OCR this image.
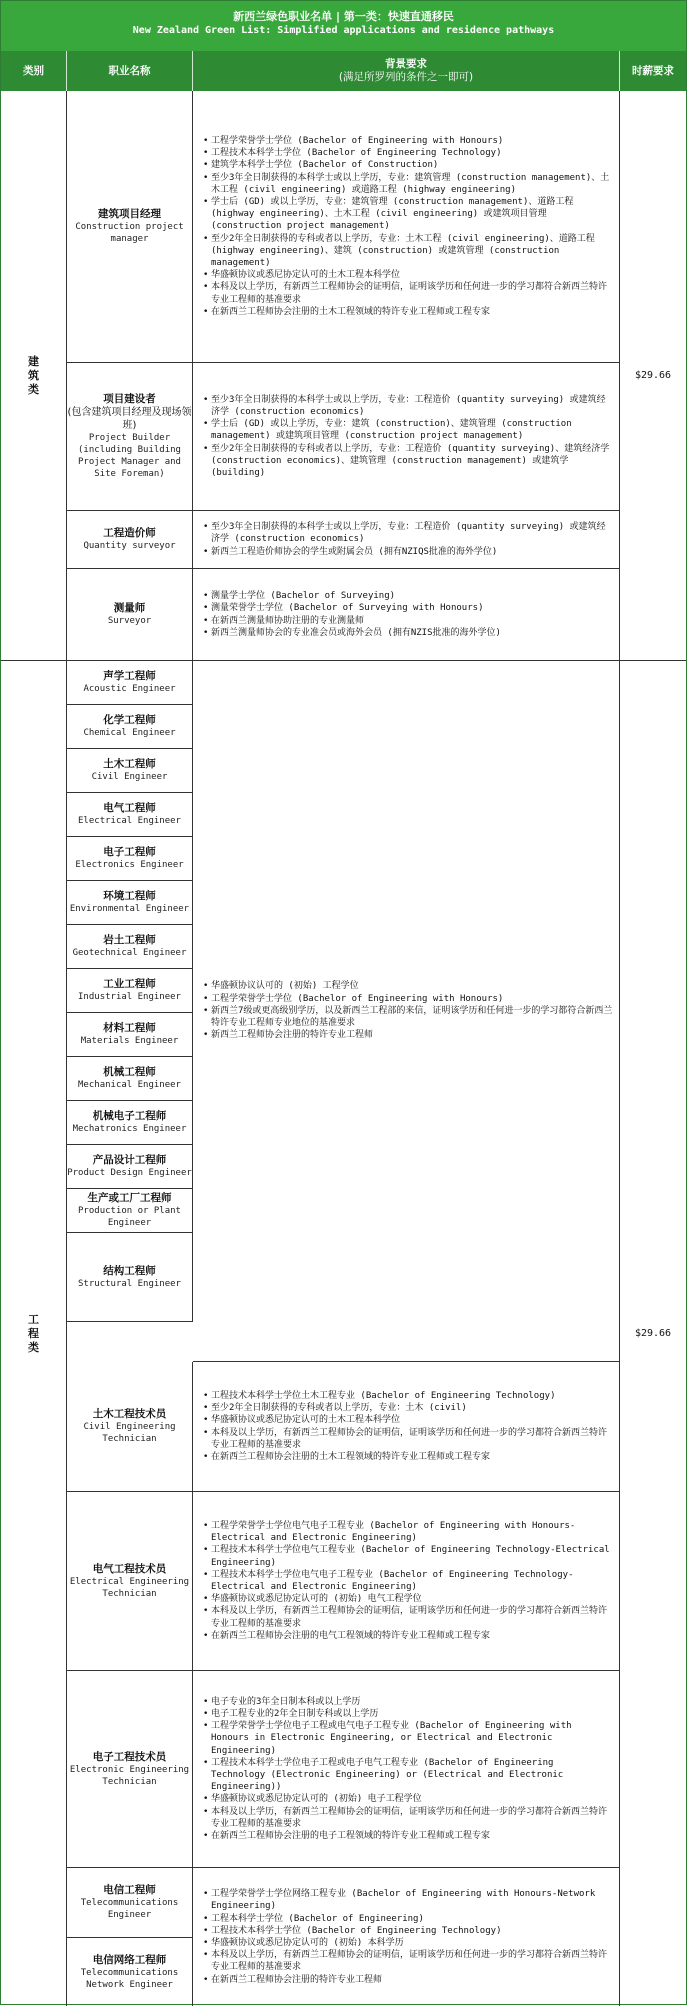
新西兰绿色职业名单 | 第一类：快速直通移民
New Zealand Green List: Simplified applications and residence pathways
类别	职业名称
背景要求
(满足所罗列的条件之一即可)
时薪要求
建筑类
工程类
$29.66
$29.66
建筑项目经理
Construction project manager
项目建设者
(包含建筑项目经理及现场领班)
Project Builder (including Building Project Manager and Site Foreman)
工程造价师
Quantity surveyor
测量师
Surveyor
声学工程师
Acoustic Engineer
化学工程师
Chemical Engineer
土木工程师
Civil Engineer
电气工程师
Electrical Engineer
电子工程师
Electronics Engineer
环境工程师
Environmental Engineer
岩土工程师
Geotechnical Engineer
工业工程师
Industrial Engineer
材料工程师
Materials Engineer
机械工程师
Mechanical Engineer
机械电子工程师
Mechatronics Engineer
产品设计工程师
Product Design Engineer
生产或工厂工程师
Production or Plant Engineer
结构工程师
Structural Engineer
土木工程技术员
Civil Engineering Technician
电气工程技术员
Electrical Engineering Technician
电子工程技术员
Electronic Engineering Technician
电信工程师
Telecommunications Engineer
电信网络工程师
Telecommunications Network Engineer
• 工程学荣誉学士学位 (Bachelor of Engineering with Honours)
• 工程技术本科学士学位 (Bachelor of Engineering Technology)
• 建筑学本科学士学位 (Bachelor of Construction)
• 至少3年全日制获得的本科学士或以上学历，专业：建筑管理 (construction management)、土木工程 (civil engineering) 或道路工程 (highway engineering)
• 学士后 (GD) 或以上学历，专业：建筑管理 (construction management)、道路工程 (highway engineering)、土木工程 (civil engineering) 或建筑项目管理 (construction project management)
• 至少2年全日制获得的专科或者以上学历，专业：土木工程 (civil engineering)、道路工程 (highway engineering)、建筑 (construction) 或建筑管理 (construction management)
• 华盛顿协议或悉尼协定认可的土木工程本科学位
• 本科及以上学历，有新西兰工程师协会的证明信，证明该学历和任何进一步的学习都符合新西兰特许专业工程师的基准要求
• 在新西兰工程师协会注册的土木工程领域的特许专业工程师或工程专家
• 至少3年全日制获得的本科学士或以上学历，专业：工程造价 (quantity surveying) 或建筑经济学 (construction economics)
• 学士后 (GD) 或以上学历，专业：建筑 (construction)、建筑管理 (construction management) 或建筑项目管理 (construction project management)
• 至少2年全日制获得的专科或者以上学历，专业：工程造价 (quantity surveying)、建筑经济学 (construction economics)、建筑管理 (construction management) 或建筑学 (building)
• 至少3年全日制获得的本科学士或以上学历，专业：工程造价 (quantity surveying) 或建筑经济学 (construction economics)
• 新西兰工程造价师协会的学生或附属会员 (拥有NZIQS批准的海外学位)
• 测量学士学位 (Bachelor of Surveying)
• 测量荣誉学士学位 (Bachelor of Surveying with Honours)
• 在新西兰测量师协助注册的专业测量师
• 新西兰测量师协会的专业准会员或海外会员 (拥有NZIS批准的海外学位)
• 华盛顿协议认可的 (初始) 工程学位
• 工程学荣誉学士学位 (Bachelor of Engineering with Honours)
• 新西兰7级或更高级别学历，以及新西兰工程部的来信，证明该学历和任何进一步的学习都符合新西兰特许专业工程师专业地位的基准要求
• 新西兰工程师协会注册的特许专业工程师
• 工程技术本科学士学位土木工程专业 (Bachelor of Engineering Technology)
• 至少2年全日制获得的专科或者以上学历，专业：土木 (civil)
• 华盛顿协议或悉尼协定认可的土木工程本科学位
• 本科及以上学历，有新西兰工程师协会的证明信，证明该学历和任何进一步的学习都符合新西兰特许专业工程师的基准要求
• 在新西兰工程师协会注册的土木工程领域的特许专业工程师或工程专家
• 工程学荣誉学士学位电气电子工程专业 (Bachelor of Engineering with Honours-Electrical and Electronic Engineering)
• 工程技术本科学士学位电气工程专业 (Bachelor of Engineering Technology-Electrical Engineering)
• 工程技术本科学士学位电气电子工程专业 (Bachelor of Engineering Technology-Electrical and Electronic Engineering)
• 华盛顿协议或悉尼协定认可的 (初始) 电气工程学位
• 本科及以上学历，有新西兰工程师协会的证明信，证明该学历和任何进一步的学习都符合新西兰特许专业工程师的基准要求
• 在新西兰工程师协会注册的电气工程领域的特许专业工程师或工程专家
• 电子专业的3年全日制本科或以上学历
• 电子工程专业的2年全日制专科或以上学历
• 工程学荣誉学士学位电子工程或电气电子工程专业 (Bachelor of Engineering with Honours in Electronic Engineering, or Electrical and Electronic Engineering)
• 工程技术本科学士学位电子工程或电子电气工程专业 (Bachelor of Engineering Technology (Electronic Engineering) or (Electrical and Electronic Engineering))
• 华盛顿协议或悉尼协定认可的 (初始) 电子工程学位
• 本科及以上学历，有新西兰工程师协会的证明信，证明该学历和任何进一步的学习都符合新西兰特许专业工程师的基准要求
• 在新西兰工程师协会注册的电子工程领域的特许专业工程师或工程专家
• 工程学荣誉学士学位网络工程专业 (Bachelor of Engineering with Honours-Network Engineering)
• 工程本科学士学位 (Bachelor of Engineering)
• 工程技术本科学士学位 (Bachelor of Engineering Technology)
• 华盛顿协议或悉尼协定认可的 (初始) 本科学历
• 本科及以上学历，有新西兰工程师协会的证明信，证明该学历和任何进一步的学习都符合新西兰特许专业工程师的基准要求
• 在新西兰工程师协会注册的特许专业工程师
